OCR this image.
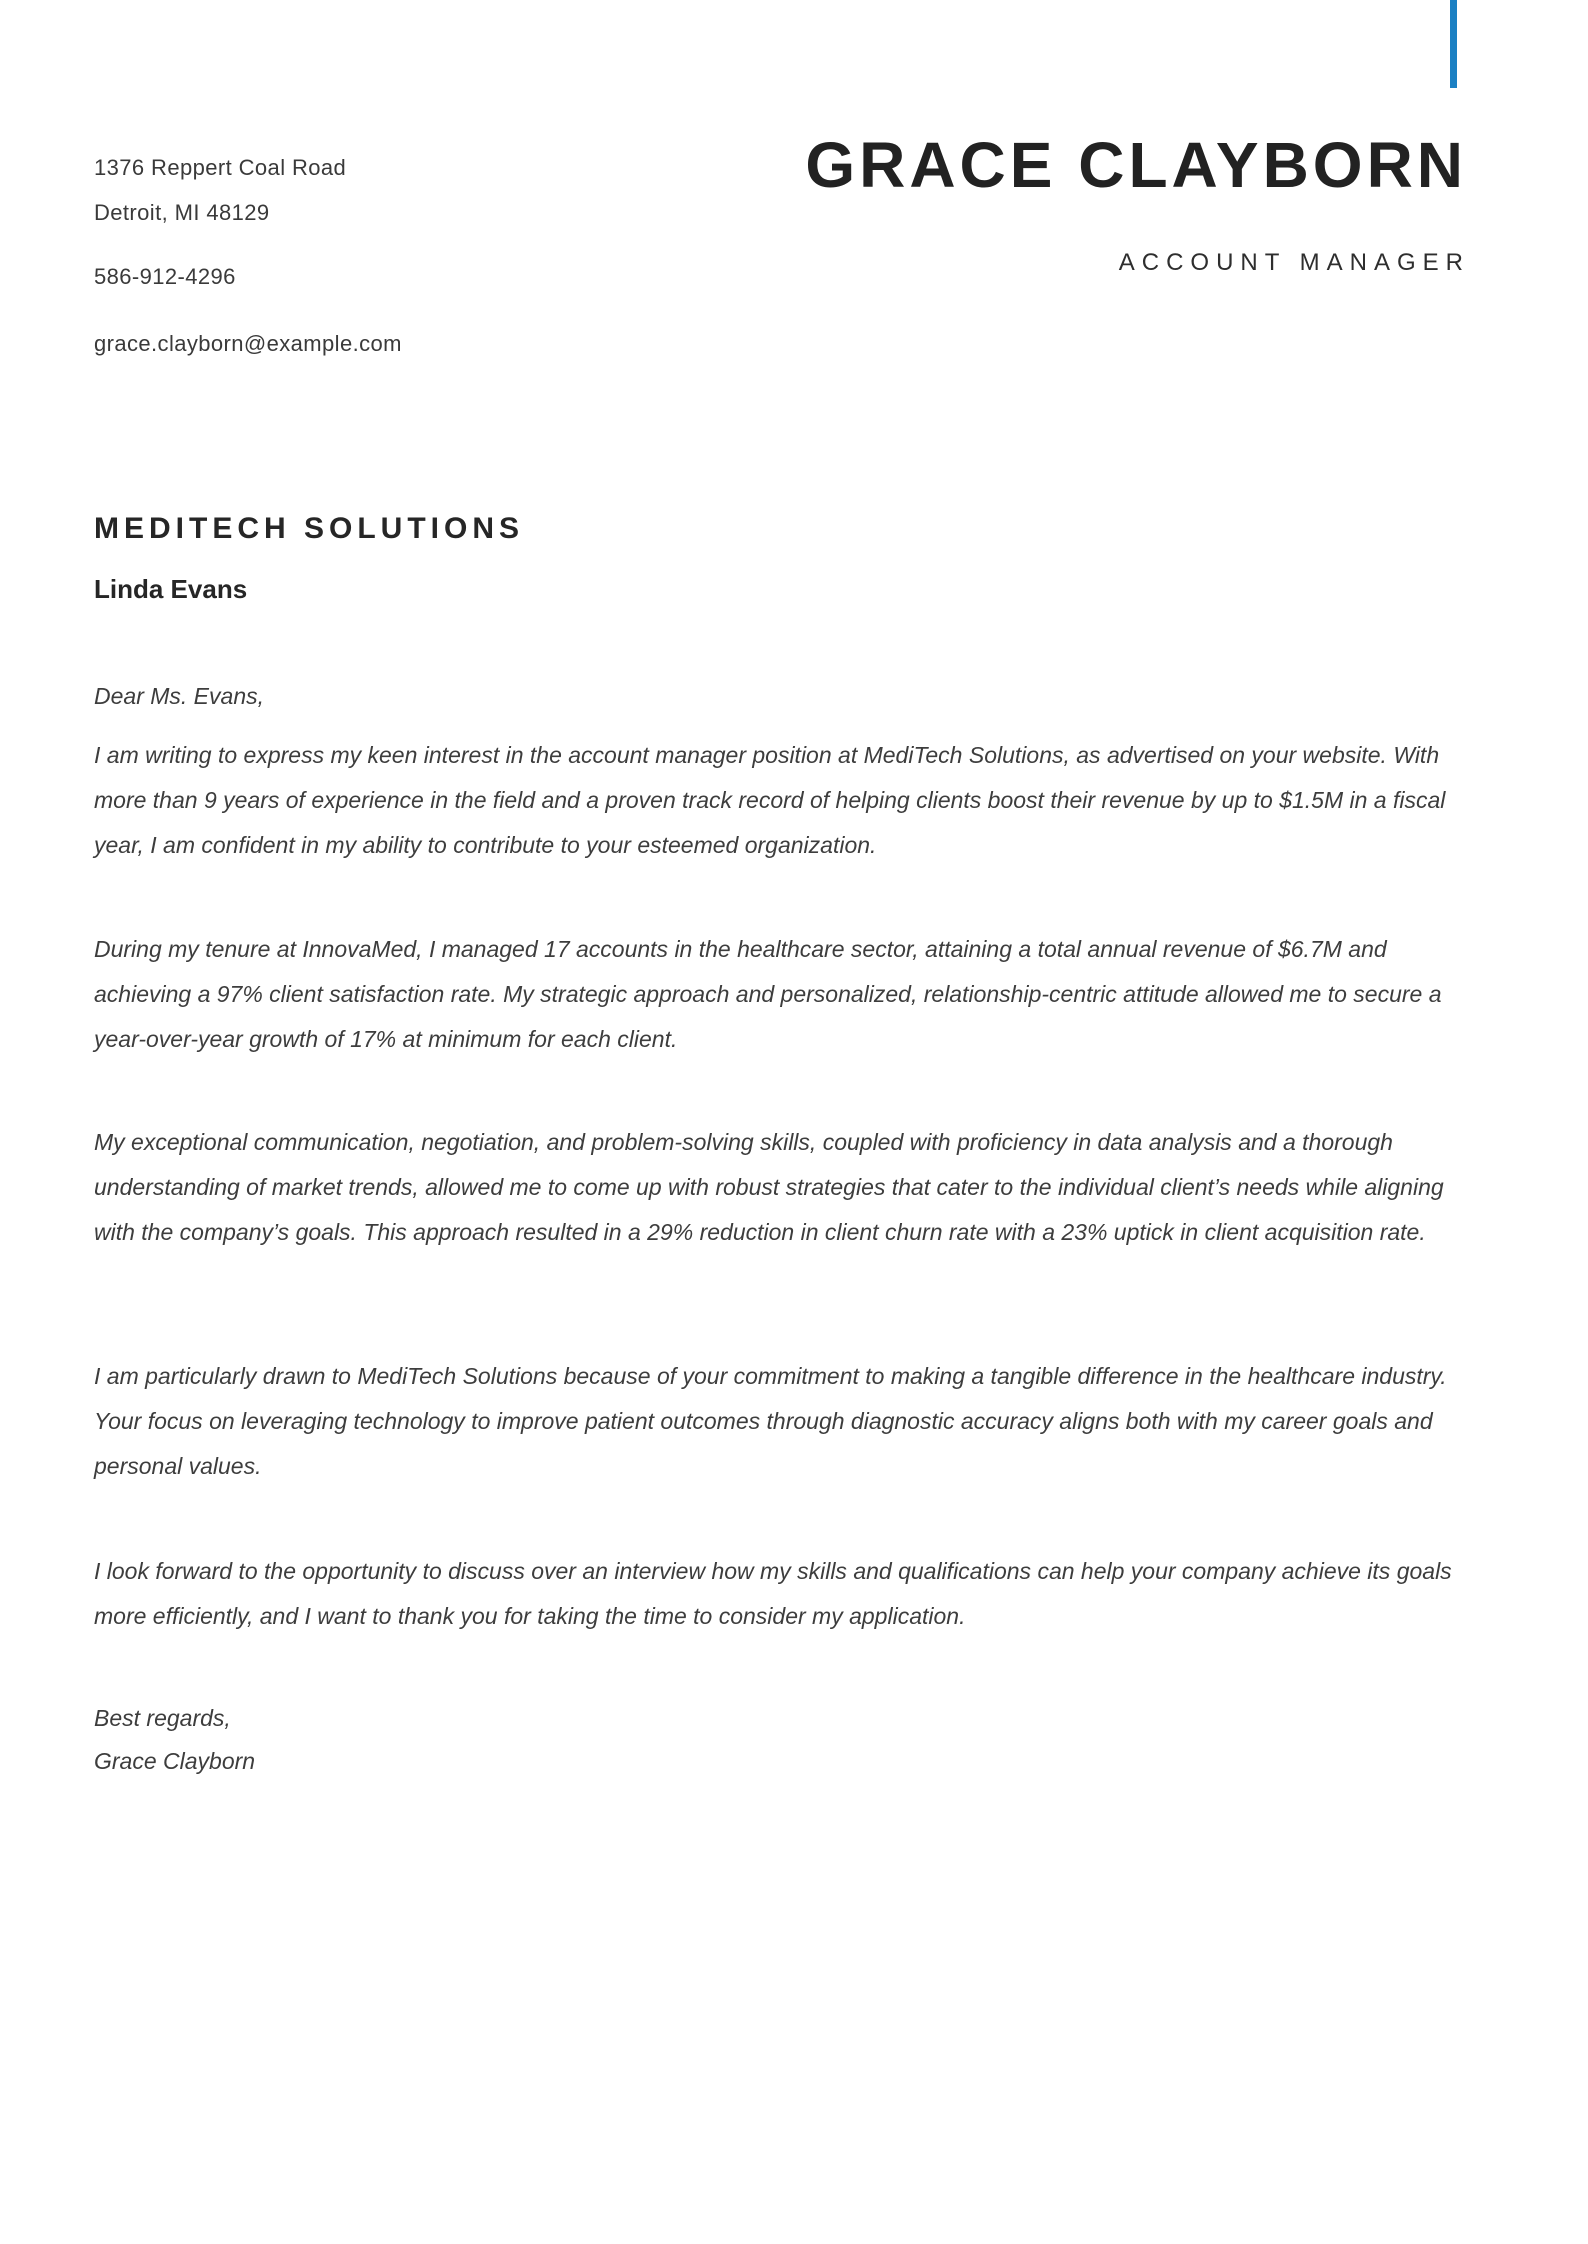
1376 Reppert Coal Road
Detroit, MI 48129
586-912-4296
grace.clayborn@example.com
GRACE CLAYBORN
ACCOUNT MANAGER
MEDITECH SOLUTIONS
Linda Evans

Dear Ms. Evans,

I am writing to express my keen interest in the account manager position at MediTech Solutions, as advertised on your website. With more than 9 years of experience in the field and a proven track record of helping clients boost their revenue by up to $1.5M in a fiscal year, I am confident in my ability to contribute to your esteemed organization.

During my tenure at InnovaMed, I managed 17 accounts in the healthcare sector, attaining a total annual revenue of $6.7M and achieving a 97% client satisfaction rate. My strategic approach and personalized, relationship-centric attitude allowed me to secure a year-over-year growth of 17% at minimum for each client.

My exceptional communication, negotiation, and problem-solving skills, coupled with proficiency in data analysis and a thorough understanding of market trends, allowed me to come up with robust strategies that cater to the individual client’s needs while aligning with the company’s goals. This approach resulted in a 29% reduction in client churn rate with a 23% uptick in client acquisition rate.

I am particularly drawn to MediTech Solutions because of your commitment to making a tangible difference in the healthcare industry. Your focus on leveraging technology to improve patient outcomes through diagnostic accuracy aligns both with my career goals and personal values.

I look forward to the opportunity to discuss over an interview how my skills and qualifications can help your company achieve its goals more efficiently, and I want to thank you for taking the time to consider my application.

Best regards,

Grace Clayborn
